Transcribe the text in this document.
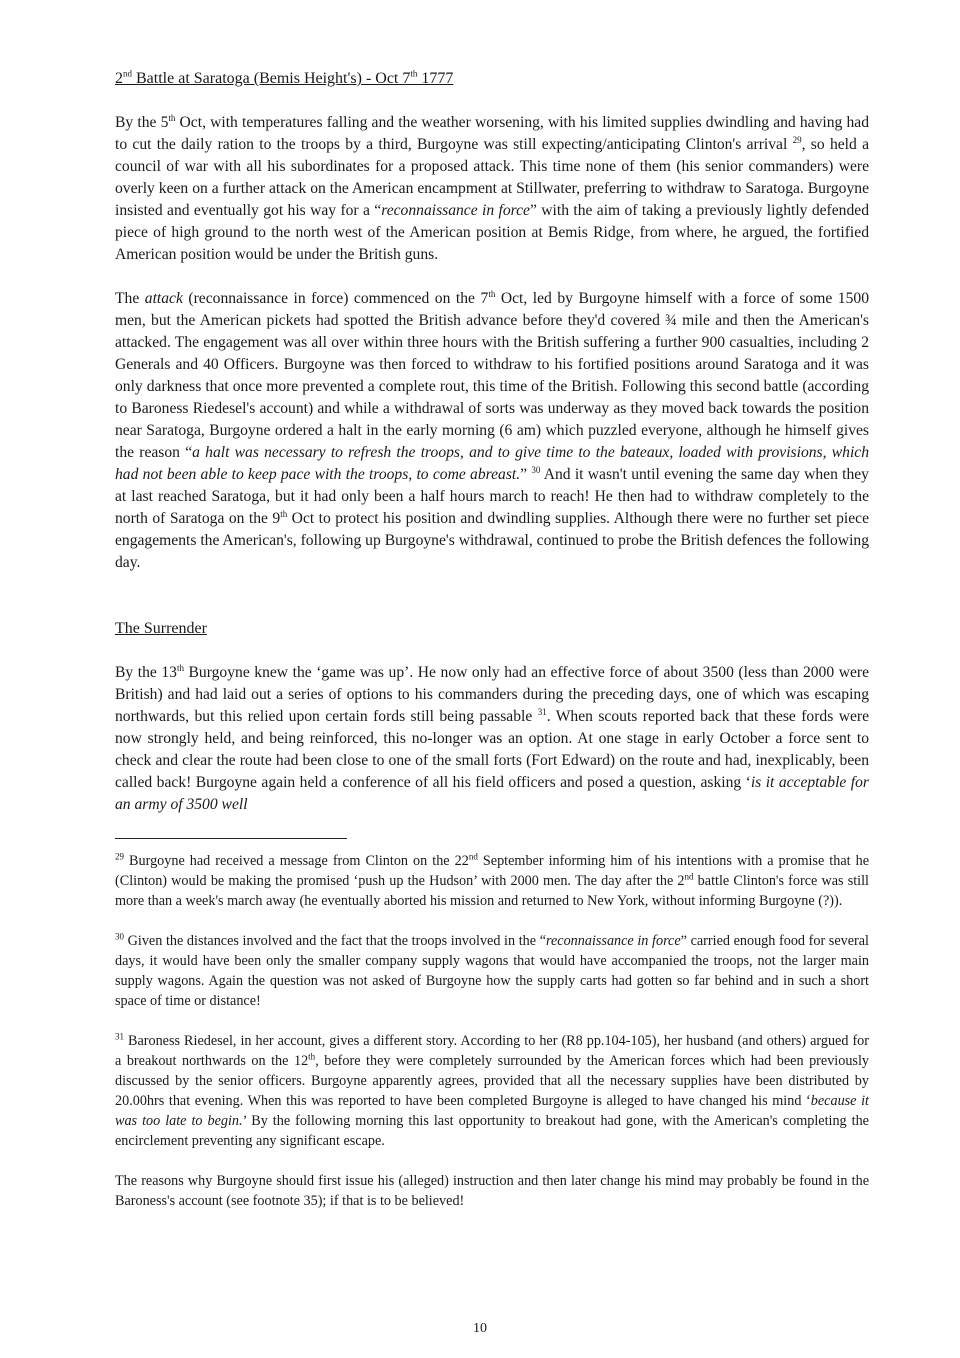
2nd Battle at Saratoga (Bemis Height's) - Oct 7th 1777

By the 5th Oct, with temperatures falling and the weather worsening, with his limited supplies dwindling and having had to cut the daily ration to the troops by a third, Burgoyne was still expecting/anticipating Clinton's arrival $^{29}$, so held a council of war with all his subordinates for a proposed attack. This time none of them (his senior commanders) were overly keen on a further attack on the American encampment at Stillwater, preferring to withdraw to Saratoga. Burgoyne insisted and eventually got his way for a “reconnaissance in force” with the aim of taking a previously lightly defended piece of high ground to the north west of the American position at Bemis Ridge, from where, he argued, the fortified American position would be under the British guns.

The attack (reconnaissance in force) commenced on the 7th Oct, led by Burgoyne himself with a force of some 1500 men, but the American pickets had spotted the British advance before they'd covered ¾ mile and then the American's attacked. The engagement was all over within three hours with the British suffering a further 900 casualties, including 2 Generals and 40 Officers. Burgoyne was then forced to withdraw to his fortified positions around Saratoga and it was only darkness that once more prevented a complete rout, this time of the British. Following this second battle (according to Baroness Riedesel's account) and while a withdrawal of sorts was underway as they moved back towards the position near Saratoga, Burgoyne ordered a halt in the early morning (6 am) which puzzled everyone, although he himself gives the reason “a halt was necessary to refresh the troops, and to give time to the bateaux, loaded with provisions, which had not been able to keep pace with the troops, to come abreast.” $^{30}$ And it wasn't until evening the same day when they at last reached Saratoga, but it had only been a half hours march to reach! He then had to withdraw completely to the north of Saratoga on the 9th Oct to protect his position and dwindling supplies. Although there were no further set piece engagements the American's, following up Burgoyne's withdrawal, continued to probe the British defences the following day.

The Surrender

By the 13th Burgoyne knew the ‘game was up’. He now only had an effective force of about 3500 (less than 2000 were British) and had laid out a series of options to his commanders during the preceding days, one of which was escaping northwards, but this relied upon certain fords still being passable $^{31}$. When scouts reported back that these fords were now strongly held, and being reinforced, this no-longer was an option. At one stage in early October a force sent to check and clear the route had been close to one of the small forts (Fort Edward) on the route and had, inexplicably, been called back! Burgoyne again held a conference of all his field officers and posed a question, asking ‘is it acceptable for an army of 3500 well

$^{29}$ Burgoyne had received a message from Clinton on the 22nd September informing him of his intentions with a promise that he (Clinton) would be making the promised ‘push up the Hudson’ with 2000 men. The day after the 2nd battle Clinton's force was still more than a week's march away (he eventually aborted his mission and returned to New York, without informing Burgoyne (?)).

$^{30}$ Given the distances involved and the fact that the troops involved in the “reconnaissance in force” carried enough food for several days, it would have been only the smaller company supply wagons that would have accompanied the troops, not the larger main supply wagons. Again the question was not asked of Burgoyne how the supply carts had gotten so far behind and in such a short space of time or distance!

$^{31}$ Baroness Riedesel, in her account, gives a different story. According to her (R8 pp.104-105), her husband (and others) argued for a breakout northwards on the 12th, before they were completely surrounded by the American forces which had been previously discussed by the senior officers. Burgoyne apparently agrees, provided that all the necessary supplies have been distributed by 20.00hrs that evening. When this was reported to have been completed Burgoyne is alleged to have changed his mind ‘because it was too late to begin.’ By the following morning this last opportunity to breakout had gone, with the American's completing the encirclement preventing any significant escape.

The reasons why Burgoyne should first issue his (alleged) instruction and then later change his mind may probably be found in the Baroness's account (see footnote 35); if that is to be believed!

10
